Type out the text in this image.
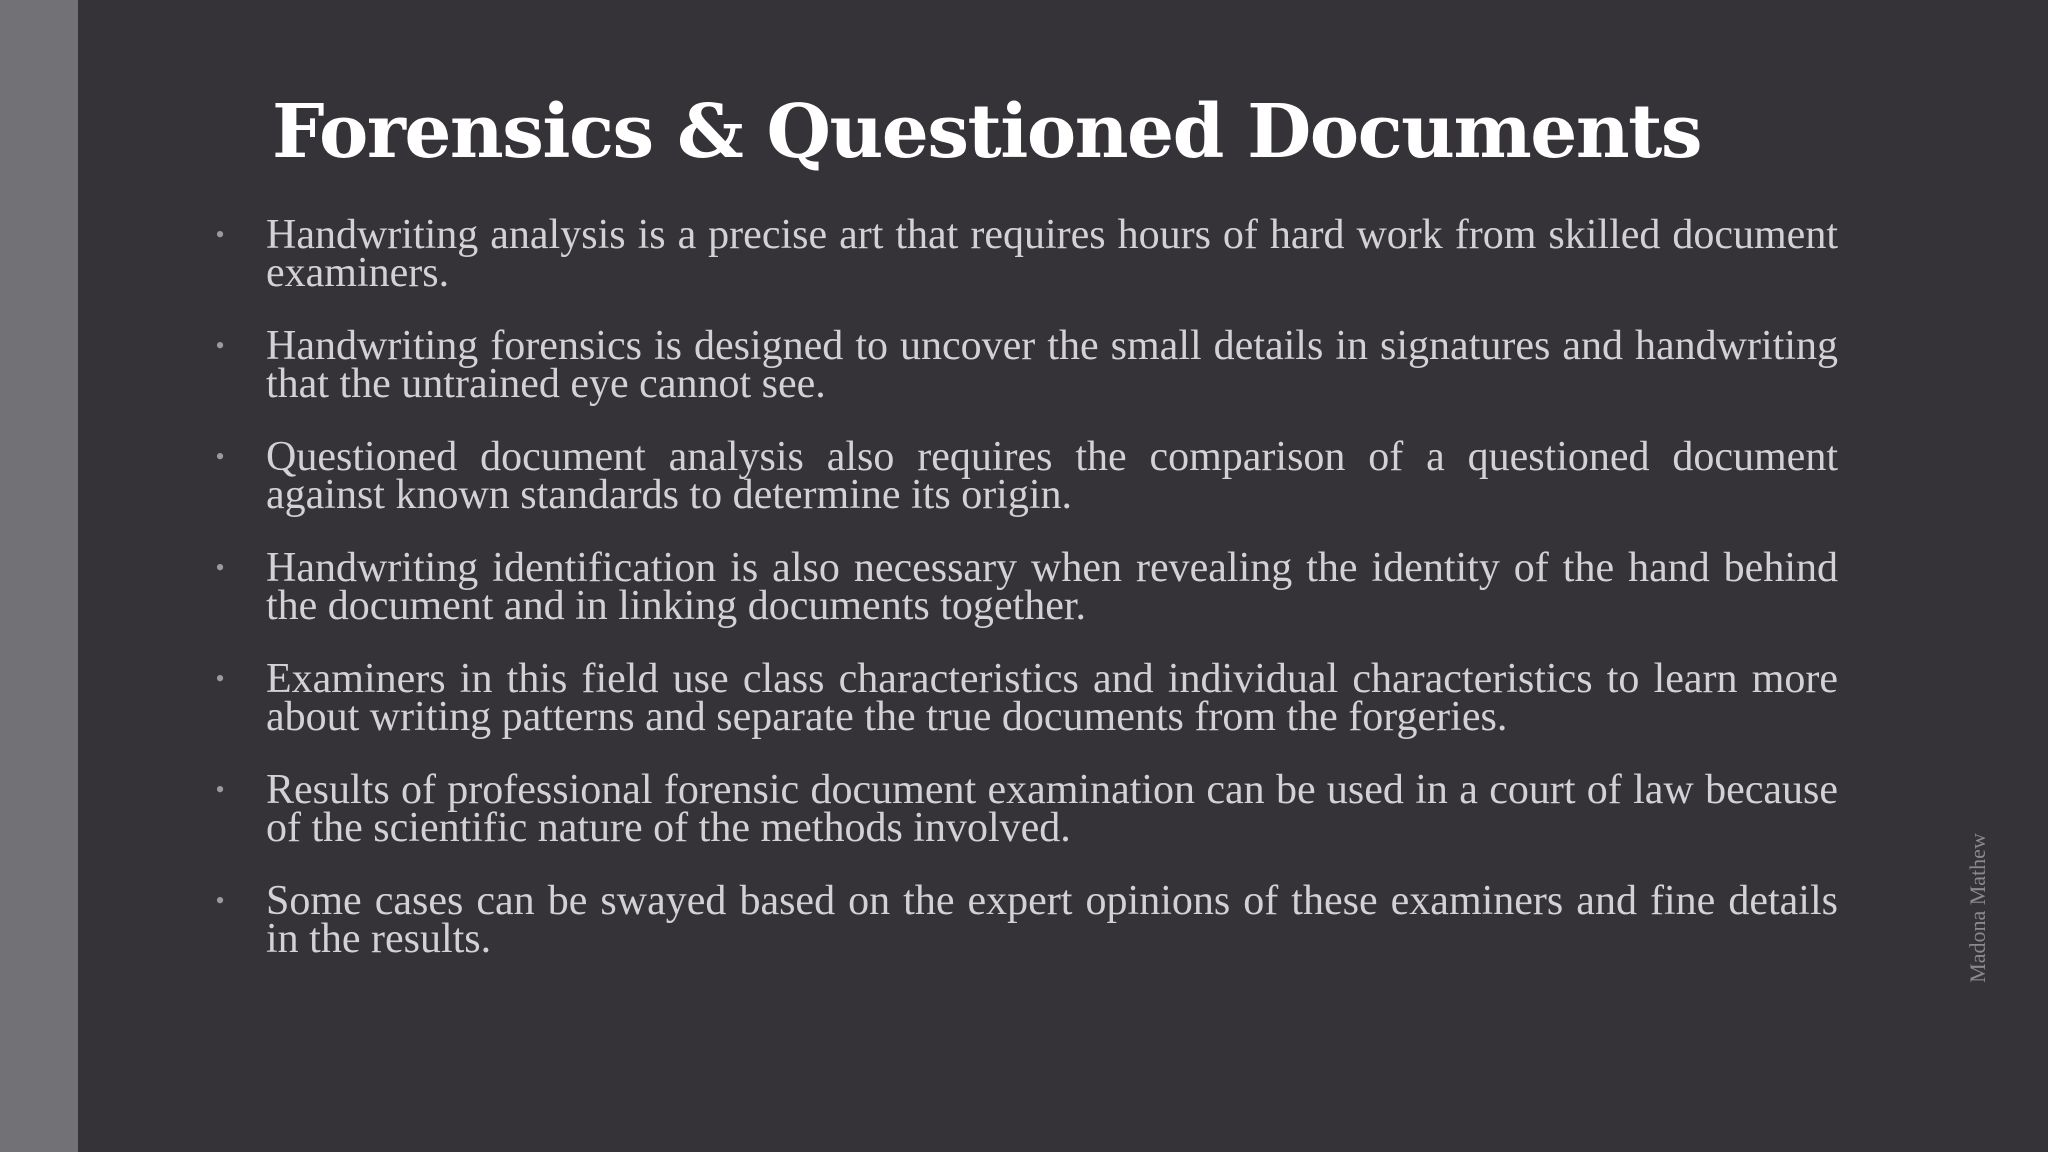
Forensics & Questioned Documents
• Handwriting analysis is a precise art that requires hours of hard work from skilled document examiners.
• Handwriting forensics is designed to uncover the small details in signatures and handwriting that the untrained eye cannot see.
• Questioned document analysis also requires the comparison of a questioned document against known standards to determine its origin.
• Handwriting identification is also necessary when revealing the identity of the hand behind the document and in linking documents together.
• Examiners in this field use class characteristics and individual characteristics to learn more about writing patterns and separate the true documents from the forgeries.
• Results of professional forensic document examination can be used in a court of law because of the scientific nature of the methods involved.
• Some cases can be swayed based on the expert opinions of these examiners and fine details in the results.	Madona Mathew
